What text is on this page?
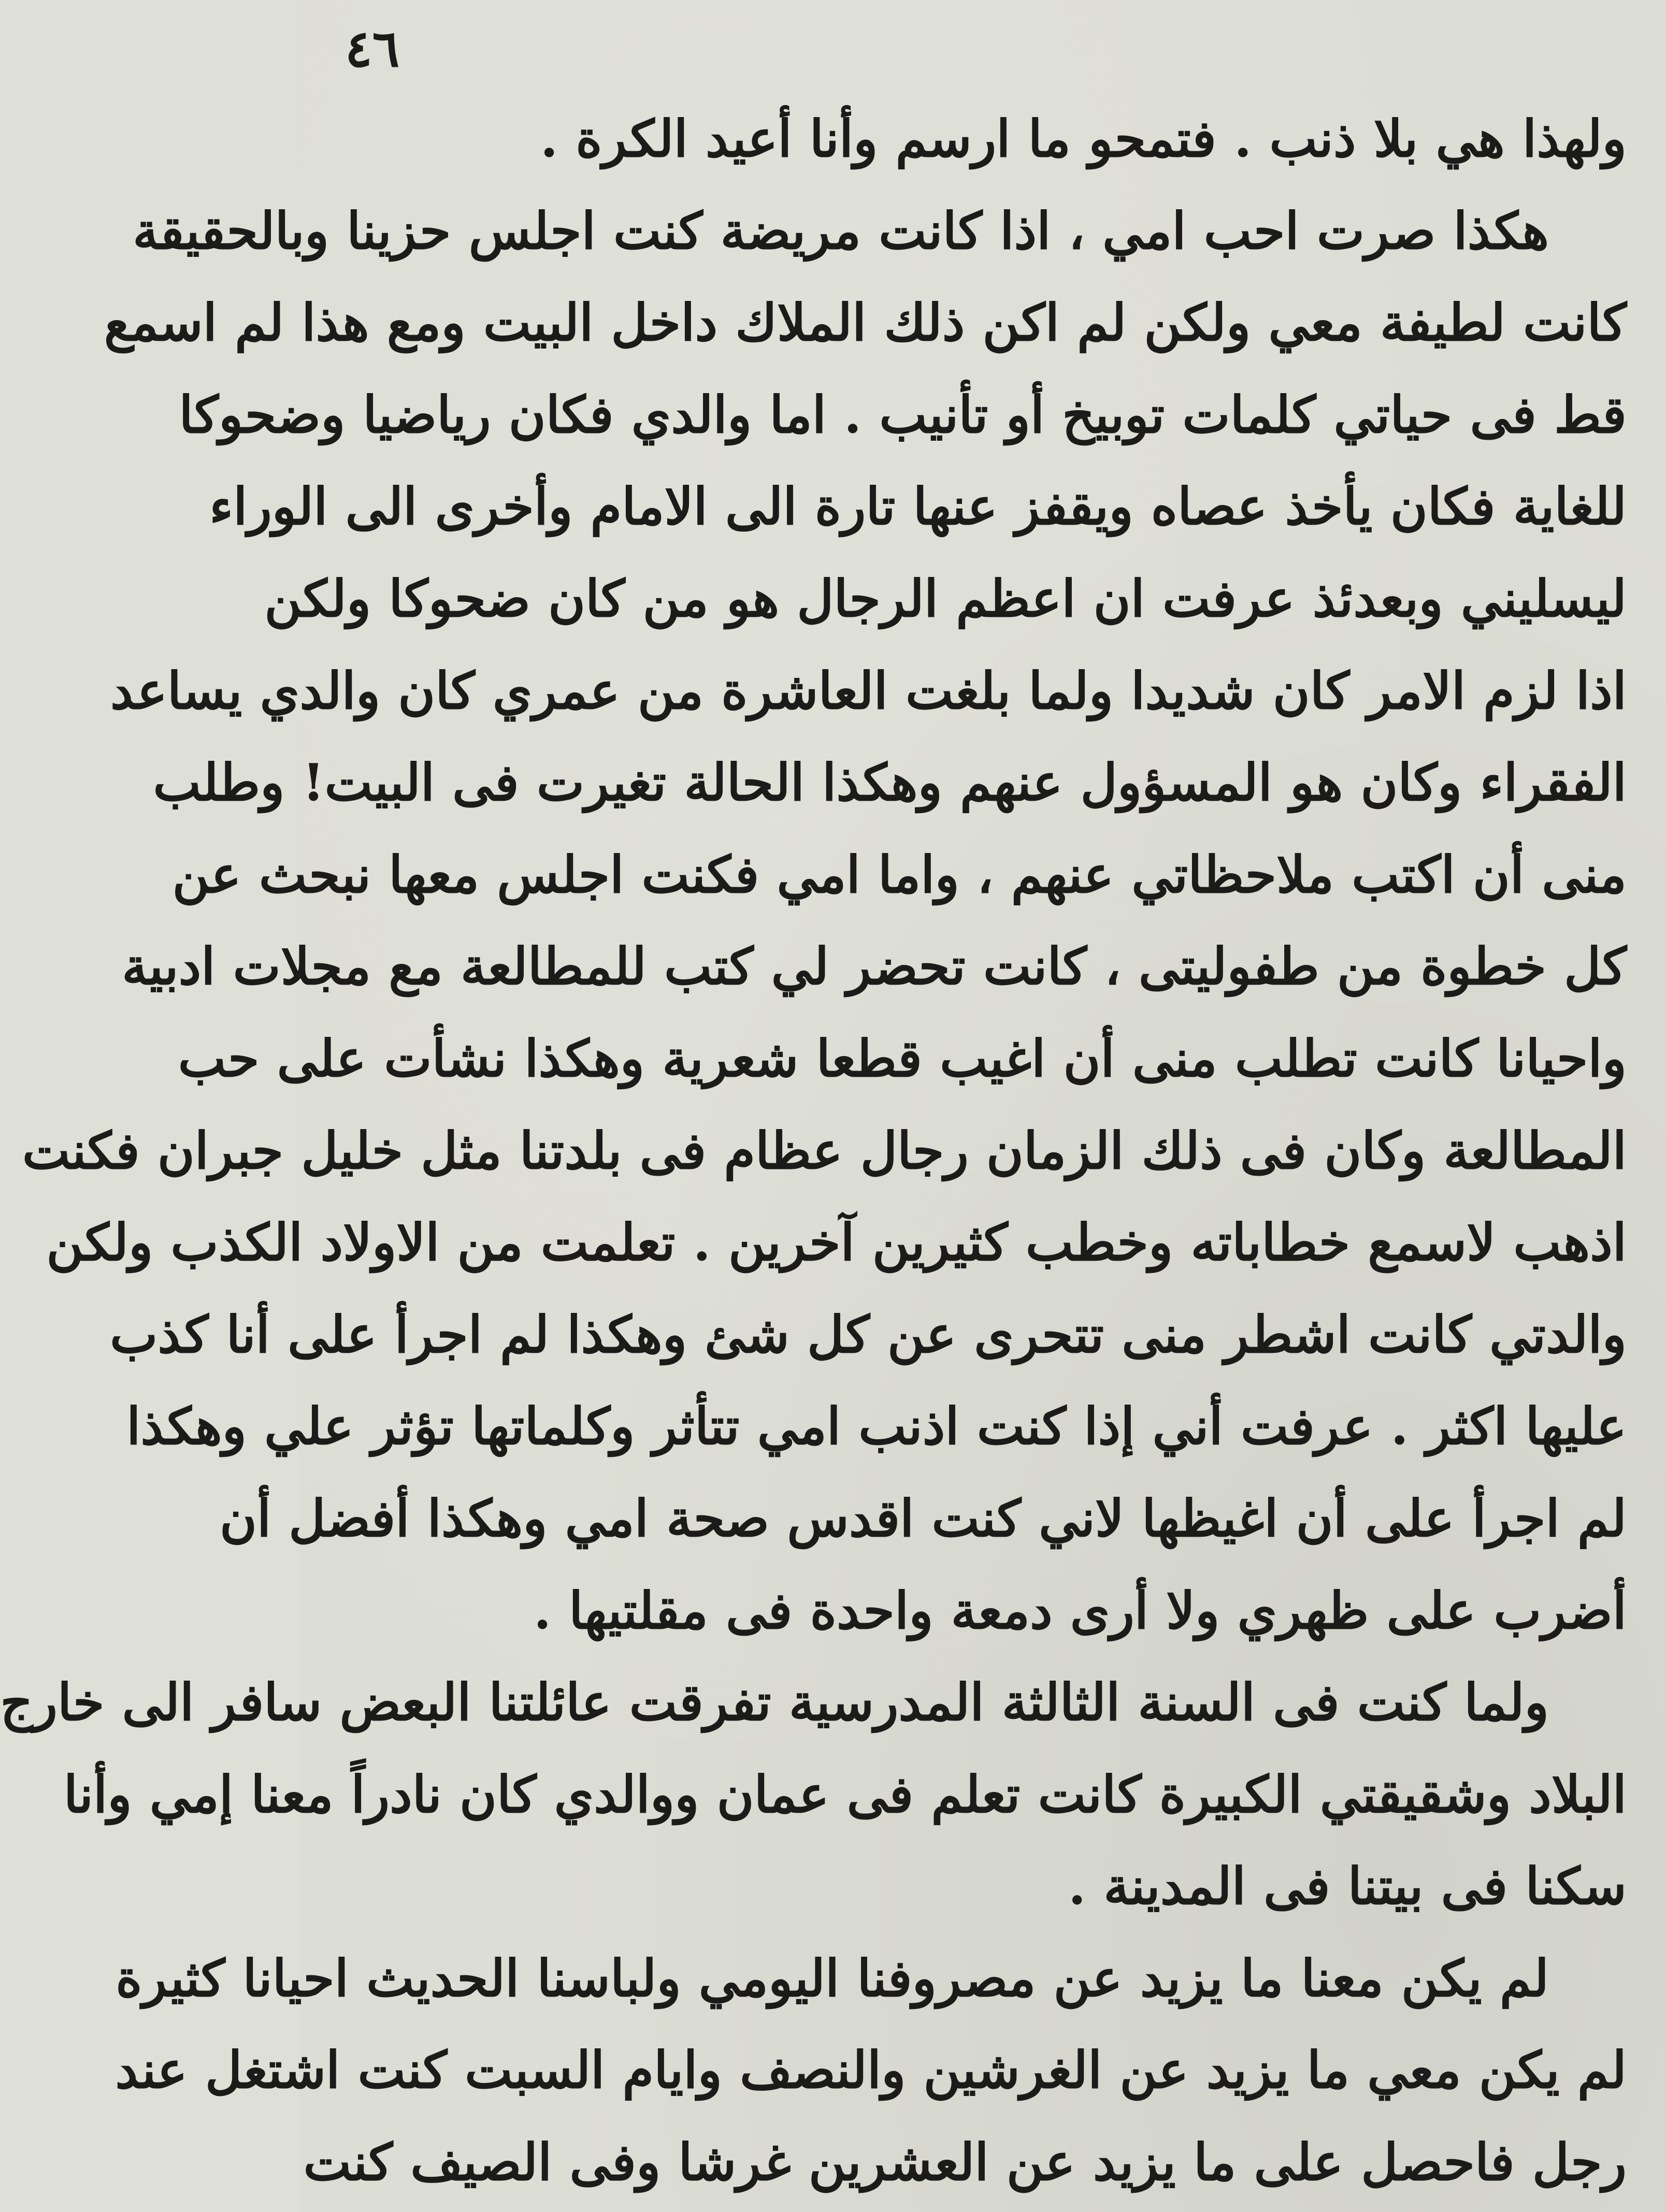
٤٦
ولهذا هي بلا ذنب . فتمحو ما ارسم وأنا أعيد الكرة .
هكذا صرت احب امي ، اذا كانت مريضة كنت اجلس حزينا وبالحقيقة
كانت لطيفة معي ولكن لم اكن ذلك الملاك داخل البيت ومع هذا لم اسمع
قط فى حياتي كلمات توبيخ أو تأنيب . اما والدي فكان رياضيا وضحوكا
للغاية فكان يأخذ عصاه ويقفز عنها تارة الى الامام وأخرى الى الوراء
ليسليني وبعدئذ عرفت ان اعظم الرجال هو من كان ضحوكا ولكن
اذا لزم الامر كان شديدا ولما بلغت العاشرة من عمري كان والدي يساعد
الفقراء وكان هو المسؤول عنهم وهكذا الحالة تغيرت فى البيت! وطلب
منى أن اكتب ملاحظاتي عنهم ، واما امي فكنت اجلس معها نبحث عن
كل خطوة من طفوليتى ، كانت تحضر لي كتب للمطالعة مع مجلات ادبية
واحيانا كانت تطلب منى أن اغيب قطعا شعرية وهكذا نشأت على حب
المطالعة وكان فى ذلك الزمان رجال عظام فى بلدتنا مثل خليل جبران فكنت
اذهب لاسمع خطاباته وخطب كثيرين آخرين . تعلمت من الاولاد الكذب ولكن
والدتي كانت اشطر منى تتحرى عن كل شئ وهكذا لم اجرأ على أنا كذب
عليها اكثر . عرفت أني إذا كنت اذنب امي تتأثر وكلماتها تؤثر علي وهكذا
لم اجرأ على أن اغيظها لاني كنت اقدس صحة امي وهكذا أفضل أن
أضرب على ظهري ولا أرى دمعة واحدة فى مقلتيها .
ولما كنت فى السنة الثالثة المدرسية تفرقت عائلتنا البعض سافر الى خارج
البلاد وشقيقتي الكبيرة كانت تعلم فى عمان ووالدي كان نادراً معنا إمي وأنا
سكنا فى بيتنا فى المدينة .
لم يكن معنا ما يزيد عن مصروفنا اليومي ولباسنا الحديث احيانا كثيرة
لم يكن معي ما يزيد عن الغرشين والنصف وايام السبت كنت اشتغل عند
رجل فاحصل على ما يزيد عن العشرين غرشا وفى الصيف كنت
